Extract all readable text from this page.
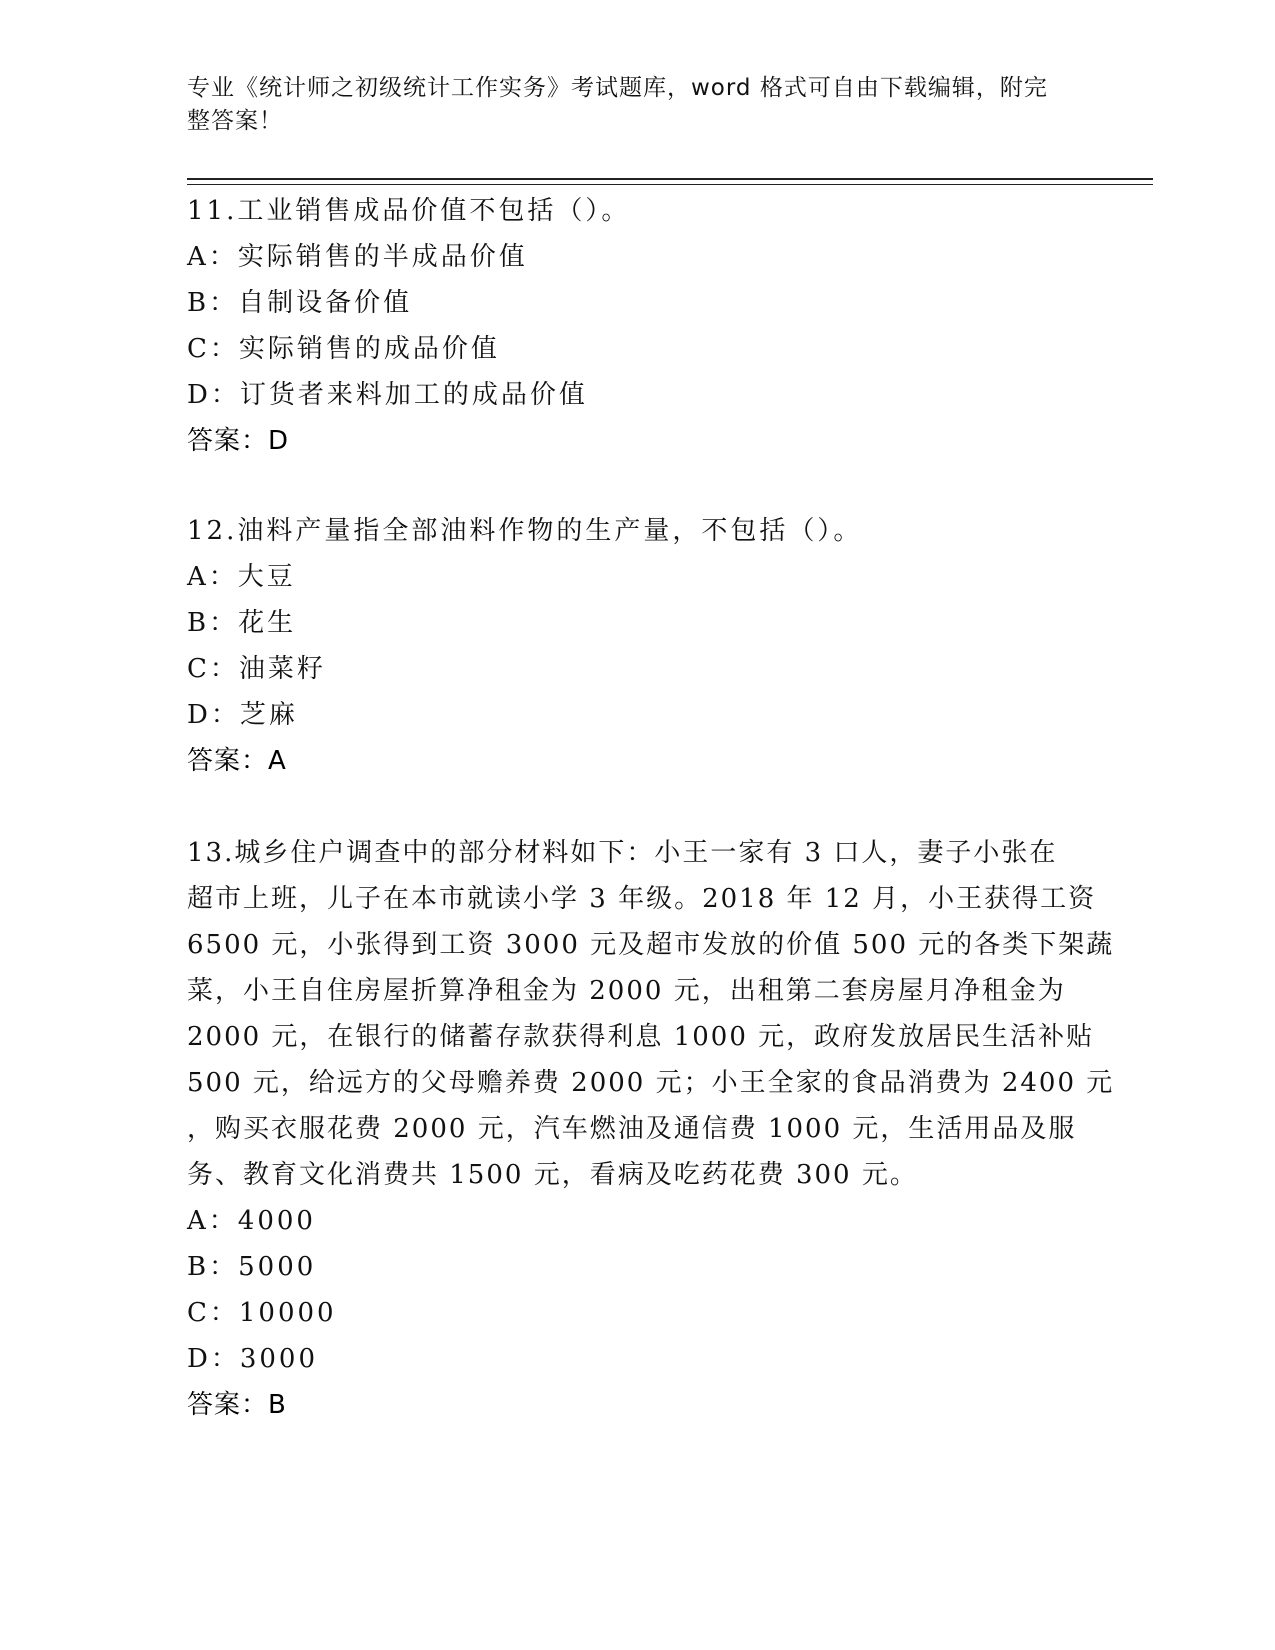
专业《统计师之初级统计工作实务》考试题库，word 格式可自由下载编辑，附完
整答案！
11.工业销售成品价值不包括（）。
A：实际销售的半成品价值
B：自制设备价值
C：实际销售的成品价值
D：订货者来料加工的成品价值
答案：D
12.油料产量指全部油料作物的生产量，不包括（）。
A：大豆
B：花生
C：油菜籽
D：芝麻
答案：A
13.城乡住户调查中的部分材料如下：小王一家有 3 口人，妻子小张在
超市上班，儿子在本市就读小学 3 年级。2018 年 12 月，小王获得工资
6500 元，小张得到工资 3000 元及超市发放的价值 500 元的各类下架蔬
菜，小王自住房屋折算净租金为 2000 元，出租第二套房屋月净租金为
2000 元，在银行的储蓄存款获得利息 1000 元，政府发放居民生活补贴
500 元，给远方的父母赡养费 2000 元；小王全家的食品消费为 2400 元
，购买衣服花费 2000 元，汽车燃油及通信费 1000 元，生活用品及服
务、教育文化消费共 1500 元，看病及吃药花费 300 元。
A：4000
B：5000
C：10000
D：3000
答案：B
